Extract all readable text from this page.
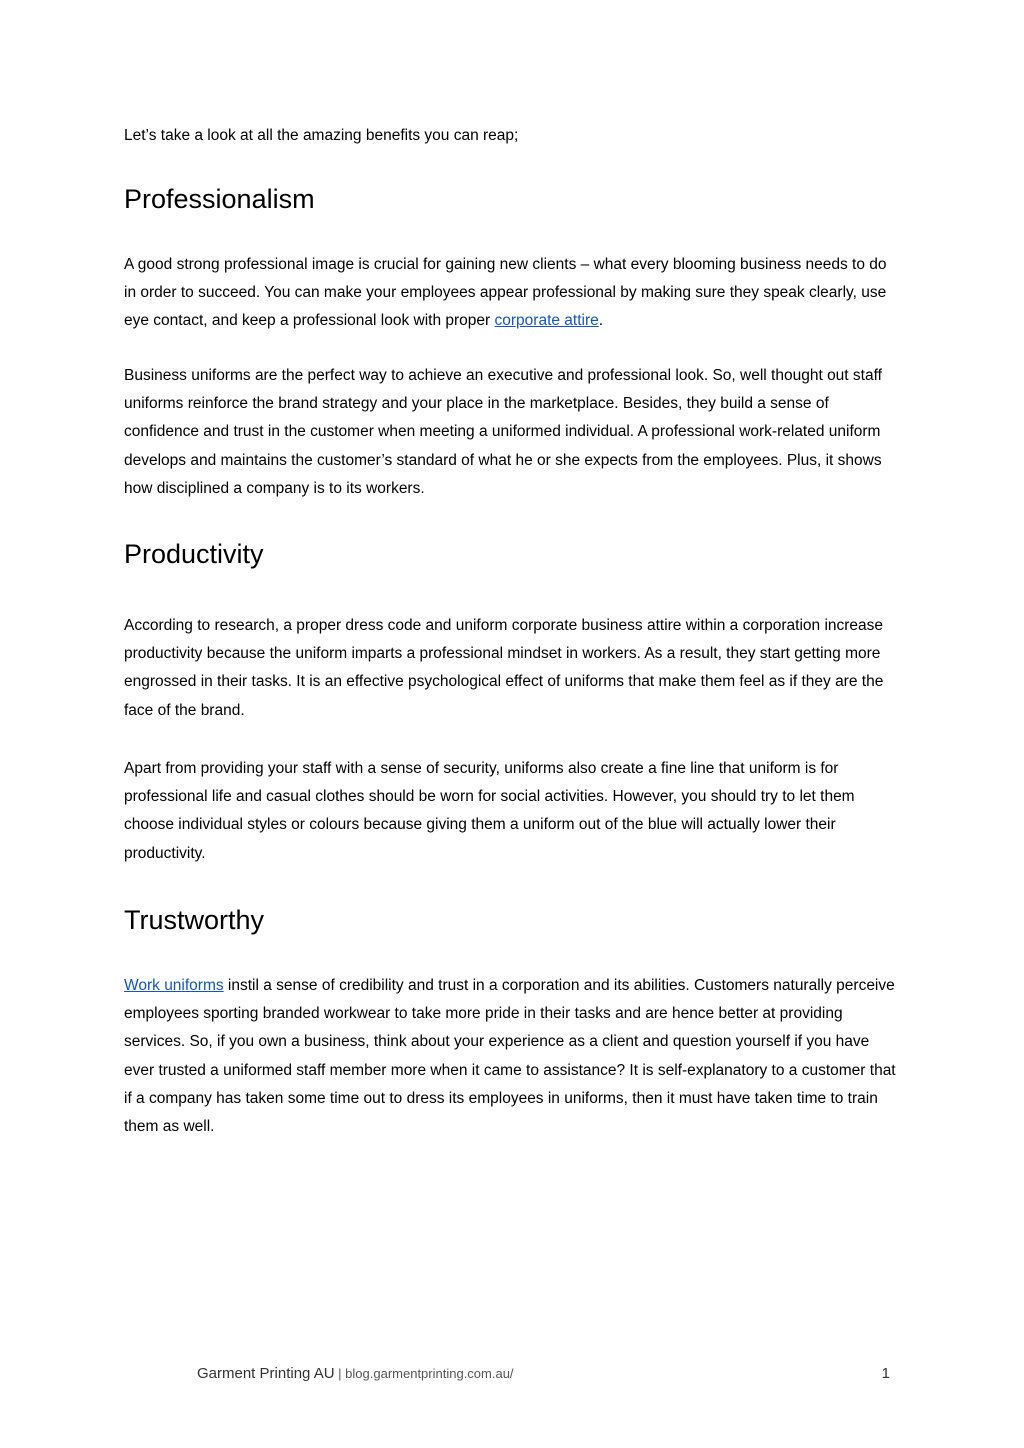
Let’s take a look at all the amazing benefits you can reap;

Professionalism

A good strong professional image is crucial for gaining new clients – what every blooming business needs to do in order to succeed. You can make your employees appear professional by making sure they speak clearly, use eye contact, and keep a professional look with proper corporate attire.

Business uniforms are the perfect way to achieve an executive and professional look. So, well thought out staff uniforms reinforce the brand strategy and your place in the marketplace. Besides, they build a sense of confidence and trust in the customer when meeting a uniformed individual. A professional work-related uniform develops and maintains the customer’s standard of what he or she expects from the employees. Plus, it shows how disciplined a company is to its workers.

Productivity

According to research, a proper dress code and uniform corporate business attire within a corporation increase productivity because the uniform imparts a professional mindset in workers. As a result, they start getting more engrossed in their tasks. It is an effective psychological effect of uniforms that make them feel as if they are the face of the brand.

Apart from providing your staff with a sense of security, uniforms also create a fine line that uniform is for professional life and casual clothes should be worn for social activities. However, you should try to let them choose individual styles or colours because giving them a uniform out of the blue will actually lower their productivity.

Trustworthy

Work uniforms instil a sense of credibility and trust in a corporation and its abilities. Customers naturally perceive employees sporting branded workwear to take more pride in their tasks and are hence better at providing services. So, if you own a business, think about your experience as a client and question yourself if you have ever trusted a uniformed staff member more when it came to assistance? It is self-explanatory to a customer that if a company has taken some time out to dress its employees in uniforms, then it must have taken time to train them as well.

Garment Printing AU | blog.garmentprinting.com.au/	1
